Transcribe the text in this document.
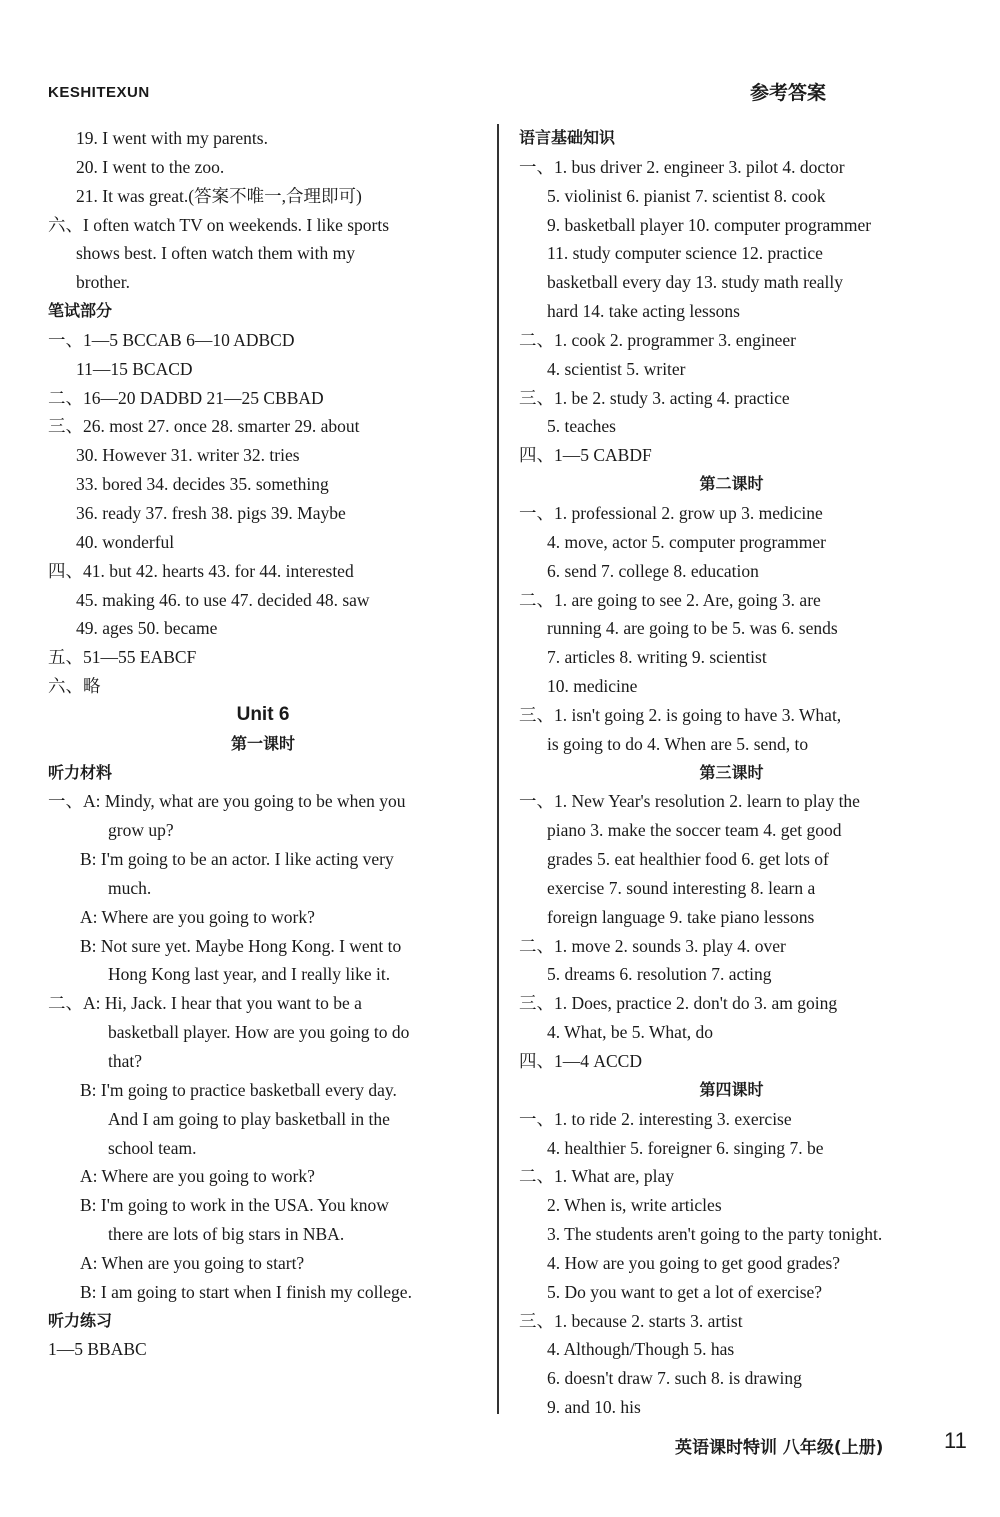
KESHITEXUN	参考答案
19. I went with my parents.
20. I went to the zoo.
21. It was great.(答案不唯一,合理即可)
六、I often watch TV on weekends. I like sports
shows best. I often watch them with my
brother.
笔试部分
一、1—5 BCCAB 6—10 ADBCD
11—15 BCACD
二、16—20 DADBD 21—25 CBBAD
三、26. most 27. once 28. smarter 29. about
30. However 31. writer 32. tries
33. bored 34. decides 35. something
36. ready 37. fresh 38. pigs 39. Maybe
40. wonderful
四、41. but 42. hearts 43. for 44. interested
45. making 46. to use 47. decided 48. saw
49. ages 50. became
五、51—55 EABCF
六、略
Unit 6
第一课时
听力材料
一、A: Mindy, what are you going to be when you
grow up?
B: I'm going to be an actor. I like acting very
much.
A: Where are you going to work?
B: Not sure yet. Maybe Hong Kong. I went to
Hong Kong last year, and I really like it.
二、A: Hi, Jack. I hear that you want to be a
basketball player. How are you going to do
that?
B: I'm going to practice basketball every day.
And I am going to play basketball in the
school team.
A: Where are you going to work?
B: I'm going to work in the USA. You know
there are lots of big stars in NBA.
A: When are you going to start?
B: I am going to start when I finish my college.
听力练习
1—5 BBABC
语言基础知识
一、1. bus driver 2. engineer 3. pilot 4. doctor
5. violinist 6. pianist 7. scientist 8. cook
9. basketball player 10. computer programmer
11. study computer science 12. practice
basketball every day 13. study math really
hard 14. take acting lessons
二、1. cook 2. programmer 3. engineer
4. scientist 5. writer
三、1. be 2. study 3. acting 4. practice
5. teaches
四、1—5 CABDF
第二课时
一、1. professional 2. grow up 3. medicine
4. move, actor 5. computer programmer
6. send 7. college 8. education
二、1. are going to see 2. Are, going 3. are
running 4. are going to be 5. was 6. sends
7. articles 8. writing 9. scientist
10. medicine
三、1. isn't going 2. is going to have 3. What,
is going to do 4. When are 5. send, to
第三课时
一、1. New Year's resolution 2. learn to play the
piano 3. make the soccer team 4. get good
grades 5. eat healthier food 6. get lots of
exercise 7. sound interesting 8. learn a
foreign language 9. take piano lessons
二、1. move 2. sounds 3. play 4. over
5. dreams 6. resolution 7. acting
三、1. Does, practice 2. don't do 3. am going
4. What, be 5. What, do
四、1—4 ACCD
第四课时
一、1. to ride 2. interesting 3. exercise
4. healthier 5. foreigner 6. singing 7. be
二、1. What are, play
2. When is, write articles
3. The students aren't going to the party tonight.
4. How are you going to get good grades?
5. Do you want to get a lot of exercise?
三、1. because 2. starts 3. artist
4. Although/Though 5. has
6. doesn't draw 7. such 8. is drawing
9. and 10. his
英语课时特训 八年级(上册)	11
